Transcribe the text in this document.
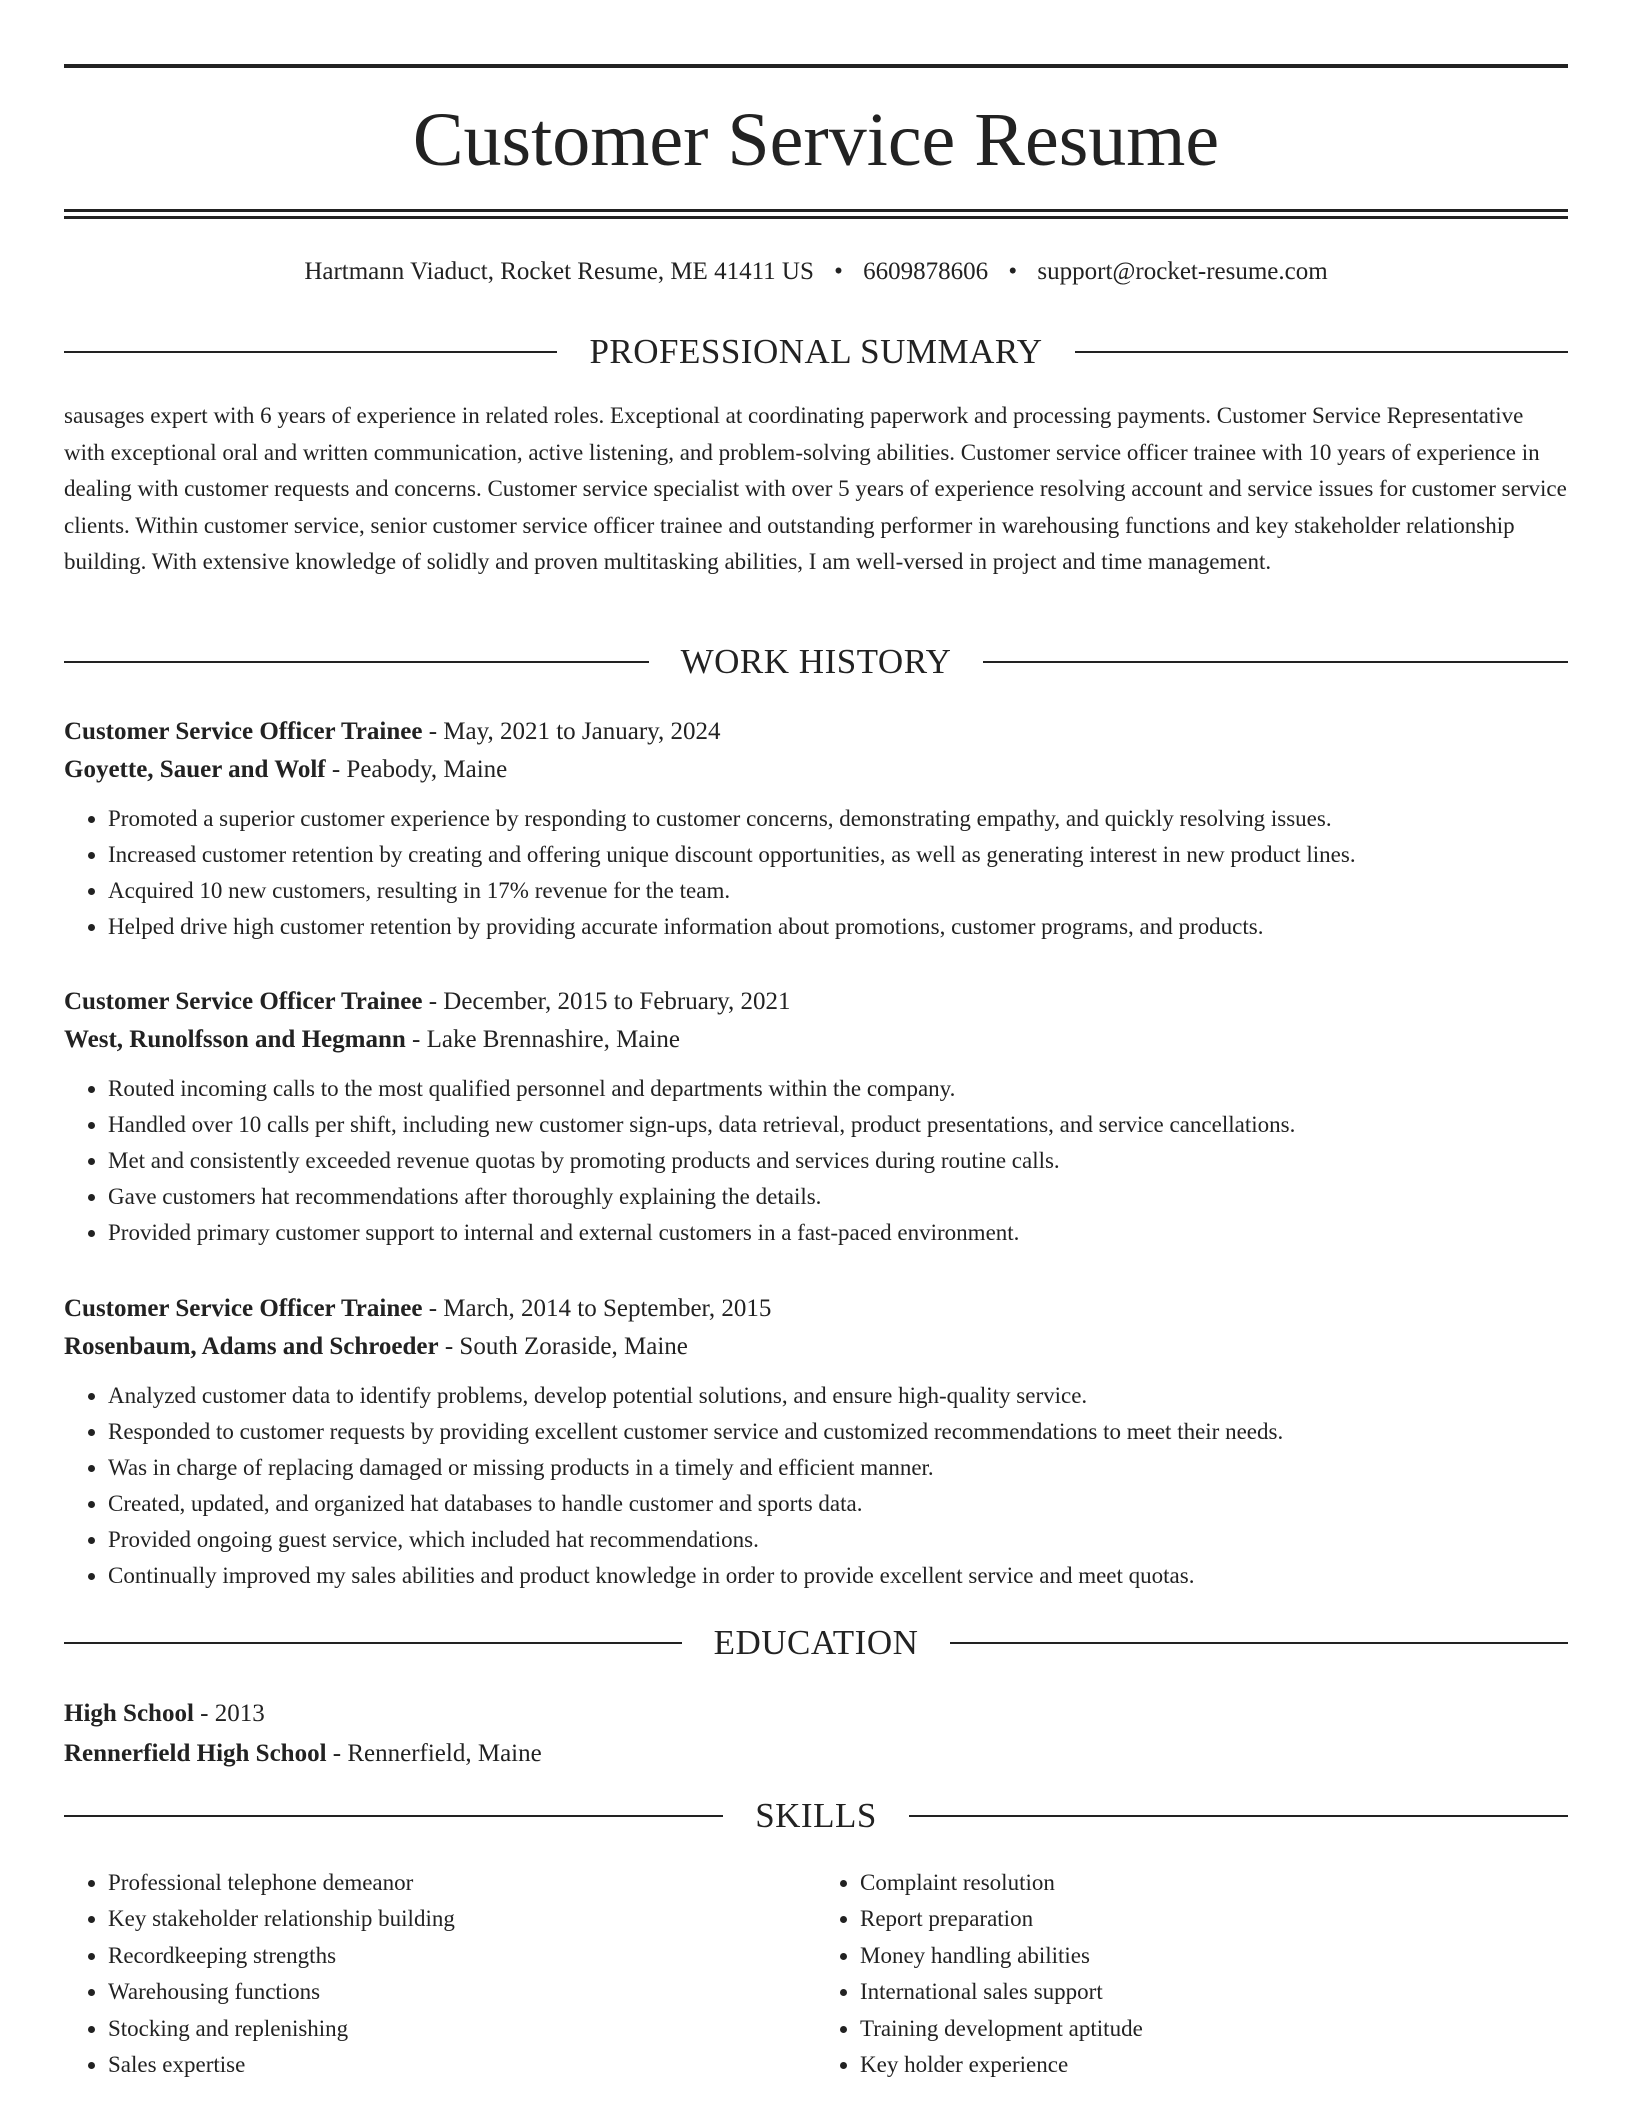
Customer Service Resume
Hartmann Viaduct, Rocket Resume, ME 41411 US • 6609878606 • support@rocket-resume.com
PROFESSIONAL SUMMARY

sausages expert with 6 years of experience in related roles. Exceptional at coordinating paperwork and processing payments. Customer Service Representative with exceptional oral and written communication, active listening, and problem-solving abilities. Customer service officer trainee with 10 years of experience in dealing with customer requests and concerns. Customer service specialist with over 5 years of experience resolving account and service issues for customer service clients. Within customer service, senior customer service officer trainee and outstanding performer in warehousing functions and key stakeholder relationship building. With extensive knowledge of solidly and proven multitasking abilities, I am well-versed in project and time management.

WORK HISTORY
Customer Service Officer Trainee - May, 2021 to January, 2024
Goyette, Sauer and Wolf - Peabody, Maine
• Promoted a superior customer experience by responding to customer concerns, demonstrating empathy, and quickly resolving issues.
• Increased customer retention by creating and offering unique discount opportunities, as well as generating interest in new product lines.
• Acquired 10 new customers, resulting in 17% revenue for the team.
• Helped drive high customer retention by providing accurate information about promotions, customer programs, and products.
Customer Service Officer Trainee - December, 2015 to February, 2021
West, Runolfsson and Hegmann - Lake Brennashire, Maine
• Routed incoming calls to the most qualified personnel and departments within the company.
• Handled over 10 calls per shift, including new customer sign-ups, data retrieval, product presentations, and service cancellations.
• Met and consistently exceeded revenue quotas by promoting products and services during routine calls.
• Gave customers hat recommendations after thoroughly explaining the details.
• Provided primary customer support to internal and external customers in a fast-paced environment.
Customer Service Officer Trainee - March, 2014 to September, 2015
Rosenbaum, Adams and Schroeder - South Zoraside, Maine
• Analyzed customer data to identify problems, develop potential solutions, and ensure high-quality service.
• Responded to customer requests by providing excellent customer service and customized recommendations to meet their needs.
• Was in charge of replacing damaged or missing products in a timely and efficient manner.
• Created, updated, and organized hat databases to handle customer and sports data.
• Provided ongoing guest service, which included hat recommendations.
• Continually improved my sales abilities and product knowledge in order to provide excellent service and meet quotas.
EDUCATION
High School - 2013
Rennerfield High School - Rennerfield, Maine
SKILLS
• Professional telephone demeanor
• Key stakeholder relationship building
• Recordkeeping strengths
• Warehousing functions
• Stocking and replenishing
• Sales expertise
• Complaint resolution
• Report preparation
• Money handling abilities
• International sales support
• Training development aptitude
• Key holder experience
